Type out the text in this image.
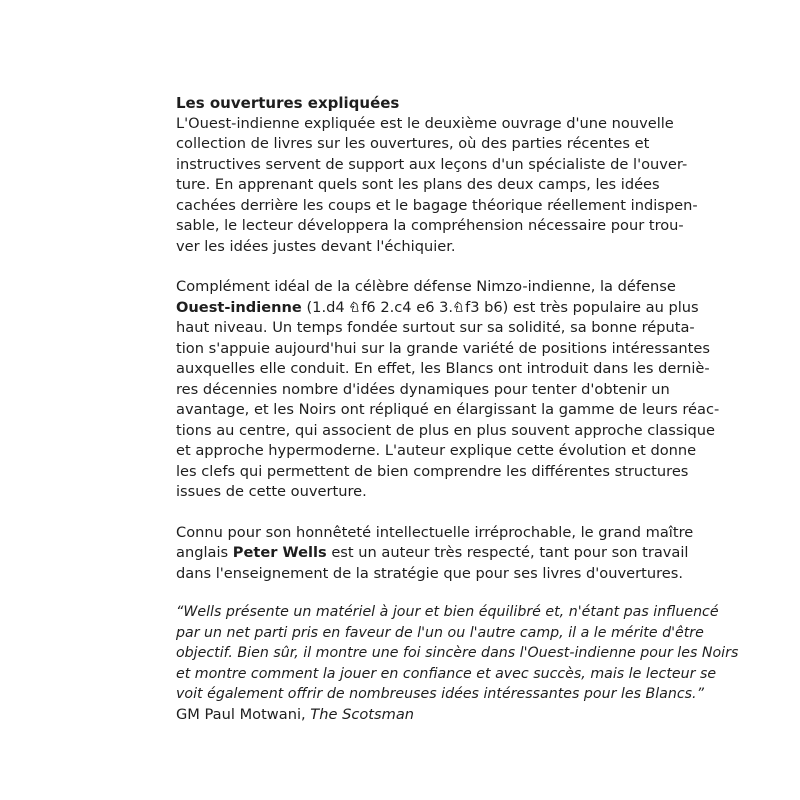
Les ouvertures expliquées
L'Ouest-indienne expliquée est le deuxième ouvrage d'une nouvelle
collection de livres sur les ouvertures, où des parties récentes et
instructives servent de support aux leçons d'un spécialiste de l'ouver-
ture. En apprenant quels sont les plans des deux camps, les idées
cachées derrière les coups et le bagage théorique réellement indispen-
sable, le lecteur développera la compréhension nécessaire pour trou-
ver les idées justes devant l'échiquier.
Complément idéal de la célèbre défense Nimzo-indienne, la défense
Ouest-indienne (1.d4
f6 2.c4 e6 3. f3 b6) est très populaire au plus
haut niveau. Un temps fondée surtout sur sa solidité, sa bonne réputa-
tion s'appuie aujourd'hui sur la grande variété de positions intéressantes
auxquelles elle conduit. En effet, les Blancs ont introduit dans les derniè-
res décennies nombre d'idées dynamiques pour tenter d'obtenir un
avantage, et les Noirs ont répliqué en élargissant la gamme de leurs réac-
tions au centre, qui associent de plus en plus souvent approche classique
et approche hypermoderne. L'auteur explique cette évolution et donne
les clefs qui permettent de bien comprendre les différentes structures
issues de cette ouverture.
Connu pour son honnêteté intellectuelle irréprochable, le grand maître
anglais Peter Wells est un auteur très respecté, tant pour son travail
dans l'enseignement de la stratégie que pour ses livres d'ouvertures.
“Wells présente un matériel à jour et bien équilibré et, n'étant pas influencé
par un net parti pris en faveur de l'un ou l'autre camp, il a le mérite d'être
objectif. Bien sûr, il montre une foi sincère dans l'Ouest-indienne pour les Noirs
et montre comment la jouer en confiance et avec succès, mais le lecteur se
voit également offrir de nombreuses idées intéressantes pour les Blancs.”
GM Paul Motwani, The Scotsman
